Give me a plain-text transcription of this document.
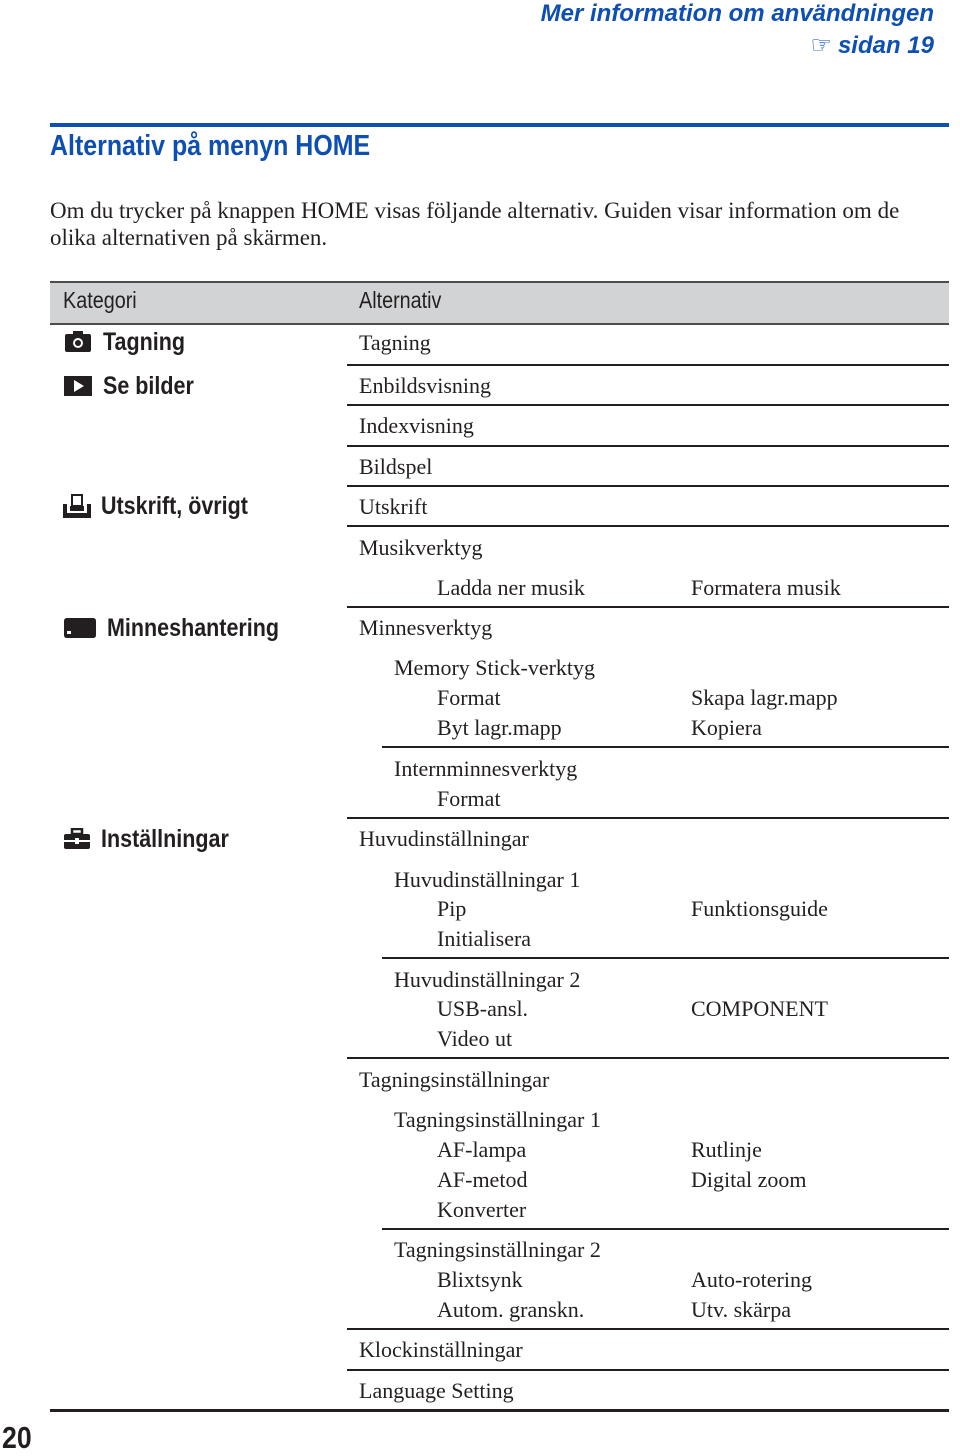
Mer information om användningen
☞ sidan 19
Alternativ på menyn HOME
Om du trycker på knappen HOME visas följande alternativ. Guiden visar information om de olika alternativen på skärmen.
Kategori	Alternativ
Tagning	Tagning
Se bilder	Enbildsvisning
Indexvisning
Bildspel
Utskrift, övrigt	Utskrift
Musikverktyg
Ladda ner musik	Formatera musik
Minneshantering	Minnesverktyg
Memory Stick-verktyg
Format	Skapa lagr.mapp
Byt lagr.mapp	Kopiera
Internminnesverktyg
Format
Inställningar	Huvudinställningar
Huvudinställningar 1
Pip	Funktionsguide
Initialisera
Huvudinställningar 2
USB-ansl.	COMPONENT
Video ut
Tagningsinställningar
Tagningsinställningar 1
AF-lampa	Rutlinje
AF-metod	Digital zoom
Konverter
Tagningsinställningar 2
Blixtsynk	Auto-rotering
Autom. granskn.	Utv. skärpa
Klockinställningar
Language Setting
20
